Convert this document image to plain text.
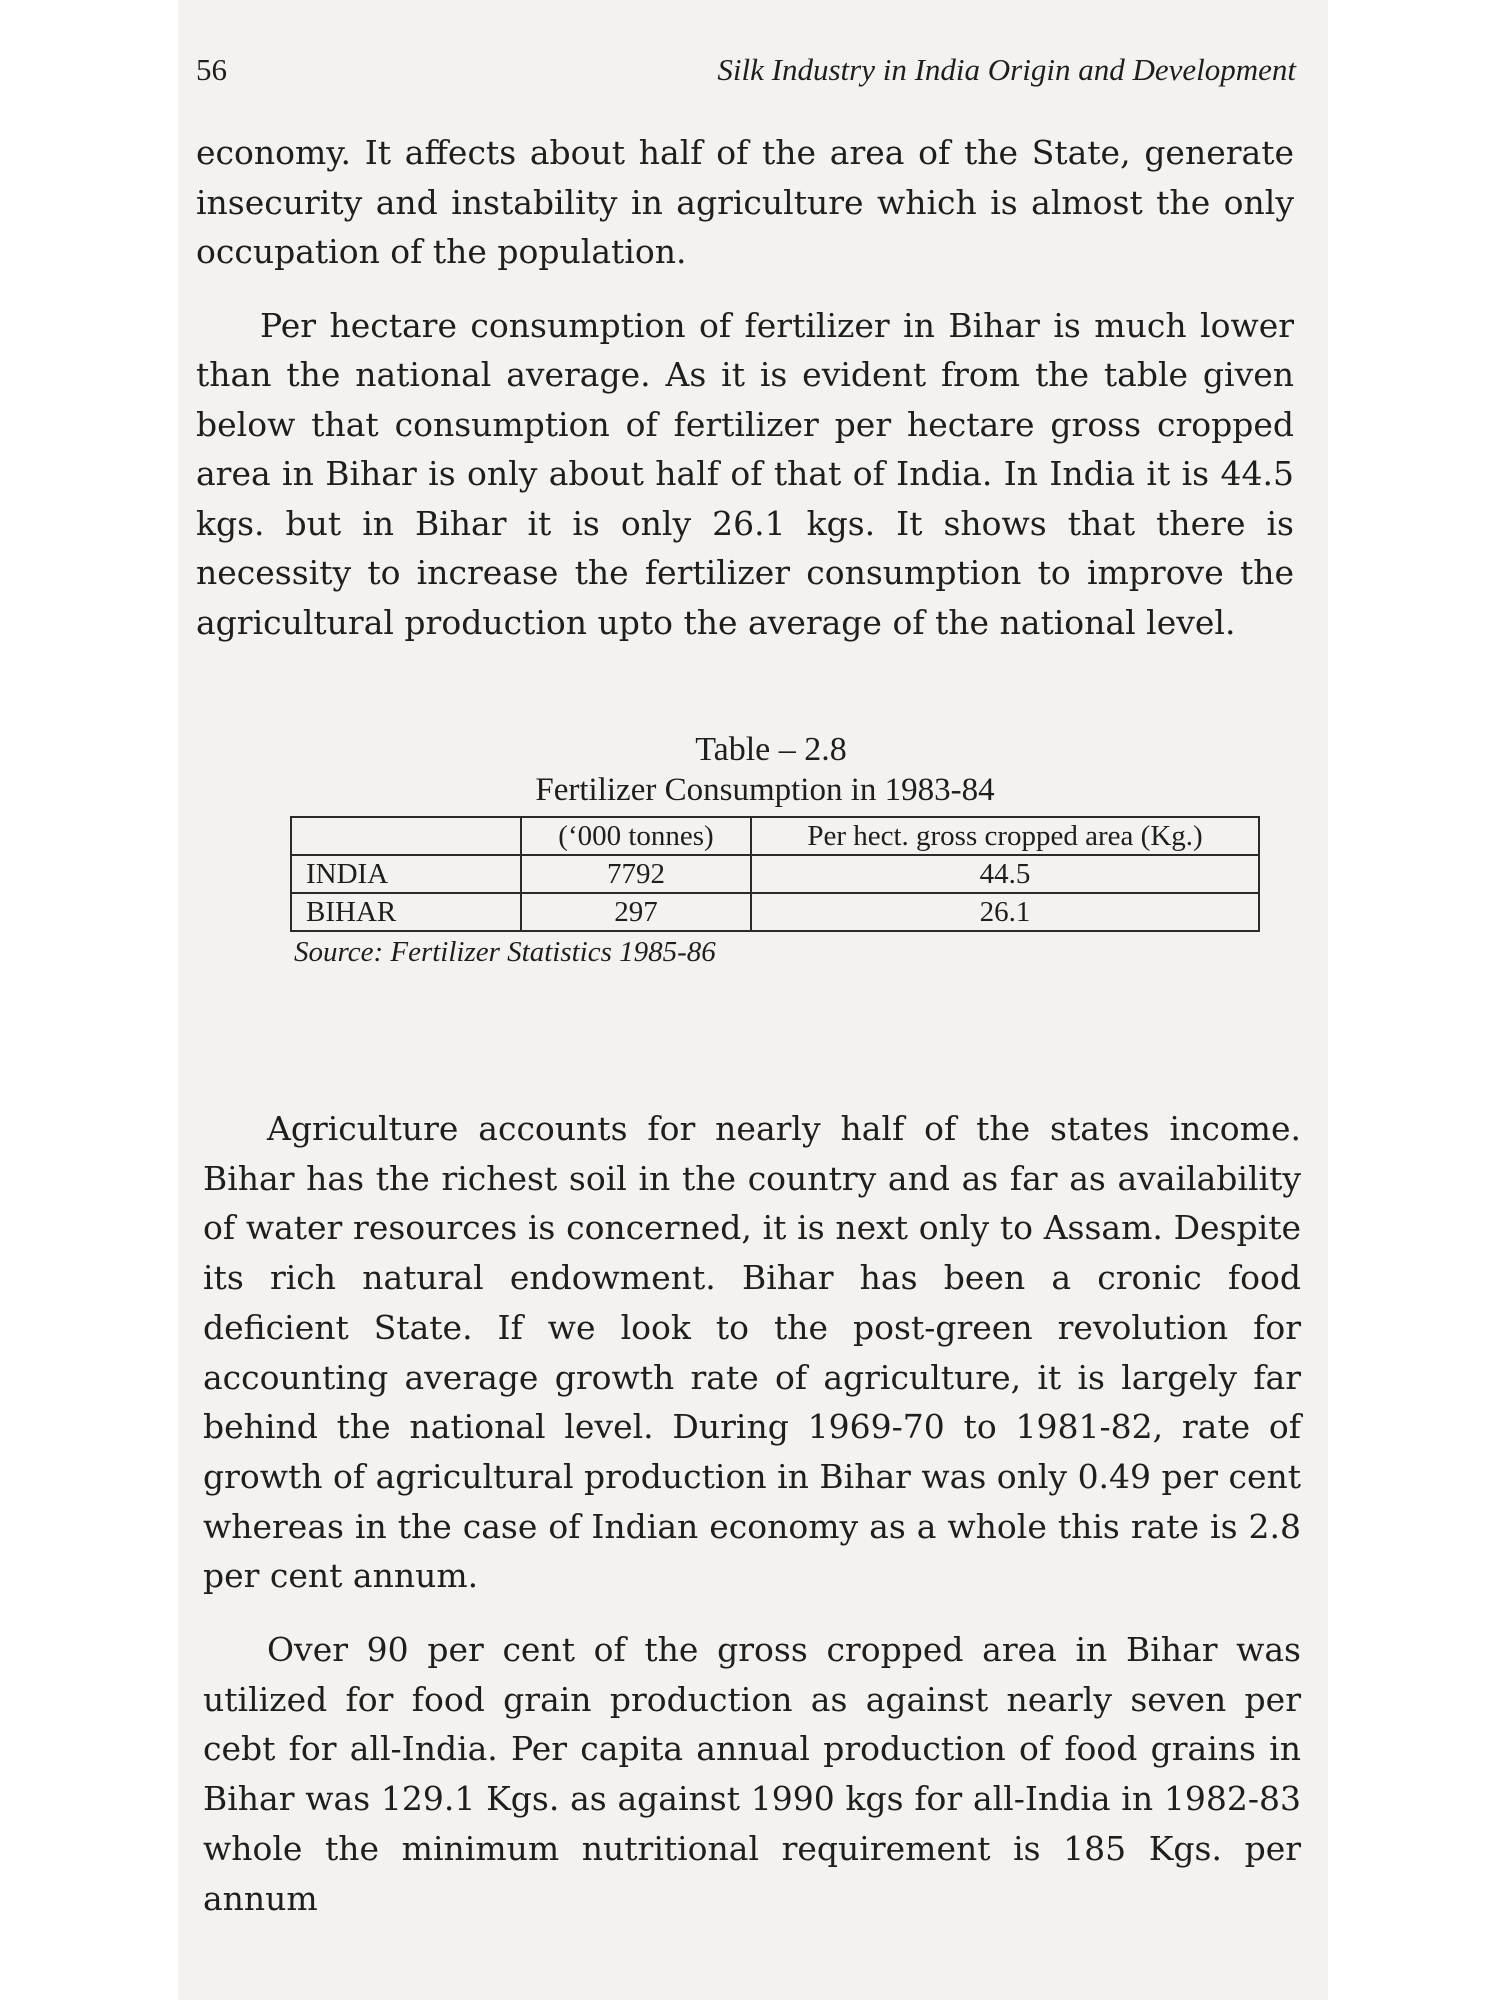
56	Silk Industry in India Origin and Development

economy. It affects about half of the area of the State, generate insecurity and instability in agriculture which is almost the only occupation of the population.

Per hectare consumption of fertilizer in Bihar is much lower than the national average. As it is evident from the table given below that consumption of fertilizer per hectare gross cropped area in Bihar is only about half of that of India. In India it is 44.5 kgs. but in Bihar it is only 26.1 kgs. It shows that there is necessity to increase the fertilizer consumption to improve the agricultural production upto the average of the national level.

Table – 2.8
Fertilizer Consumption in 1983-84
	(‘000 tonnes)	Per hect. gross cropped area (Kg.)
INDIA	7792	44.5
BIHAR	297	26.1
Source: Fertilizer Statistics 1985-86

Agriculture accounts for nearly half of the states income. Bihar has the richest soil in the country and as far as availability of water resources is concerned, it is next only to Assam. Despite its rich natural endowment. Bihar has been a cronic food deficient State. If we look to the post-green revolution for accounting average growth rate of agriculture, it is largely far behind the national level. During 1969-70 to 1981-82, rate of growth of agricultural production in Bihar was only 0.49 per cent whereas in the case of Indian economy as a whole this rate is 2.8 per cent annum.

Over 90 per cent of the gross cropped area in Bihar was utilized for food grain production as against nearly seven per cebt for all-India. Per capita annual production of food grains in Bihar was 129.1 Kgs. as against 1990 kgs for all-India in 1982-83 whole the minimum nutritional requirement is 185 Kgs. per annum
